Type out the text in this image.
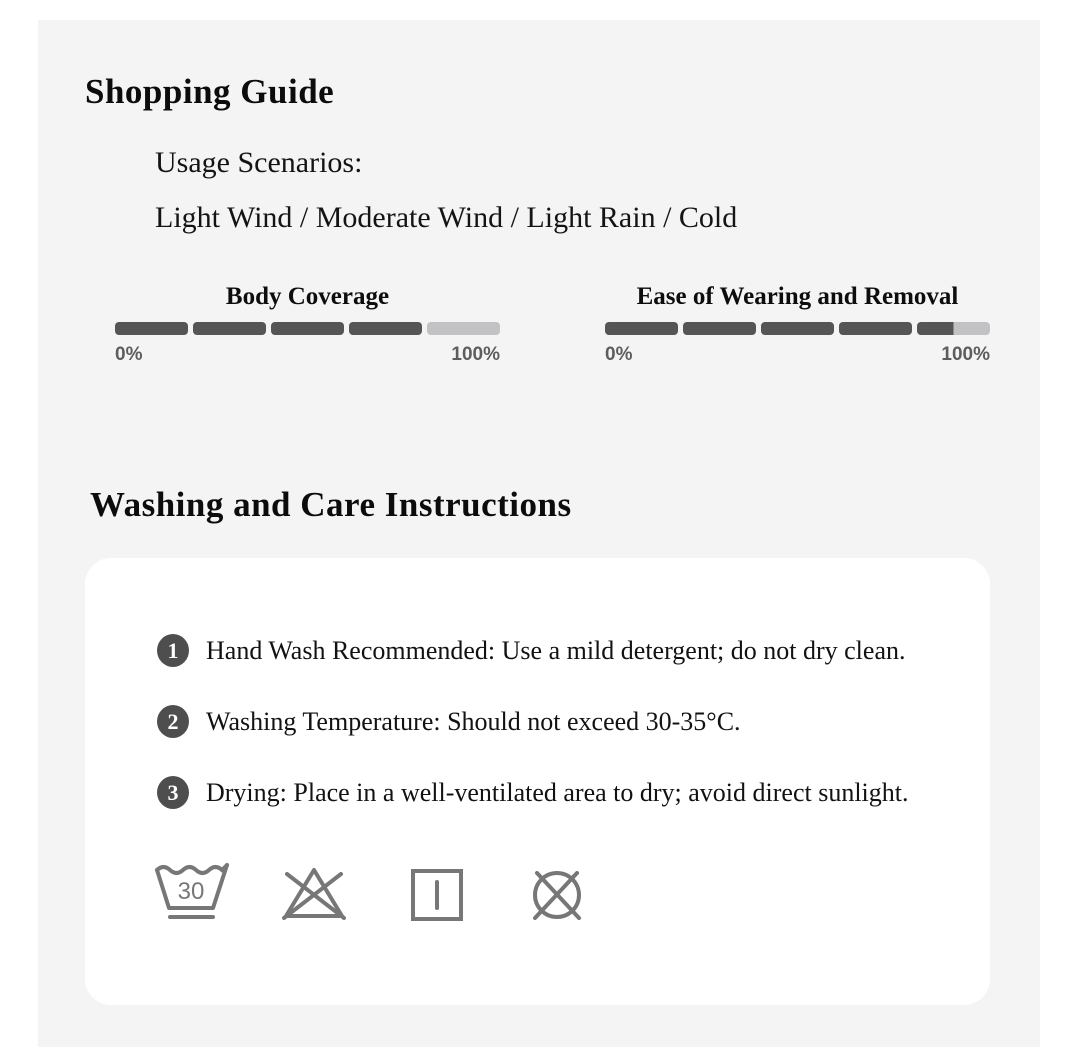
Shopping Guide
Usage Scenarios:
Light Wind / Moderate Wind / Light Rain / Cold
Body Coverage
0%	100%
Ease of Wearing and Removal
0%	100%
Washing and Care Instructions
1	Hand Wash Recommended: Use a mild detergent; do not dry clean.
2	Washing Temperature: Should not exceed 30-35°C.
3	Drying: Place in a well-ventilated area to dry; avoid direct sunlight.
30
